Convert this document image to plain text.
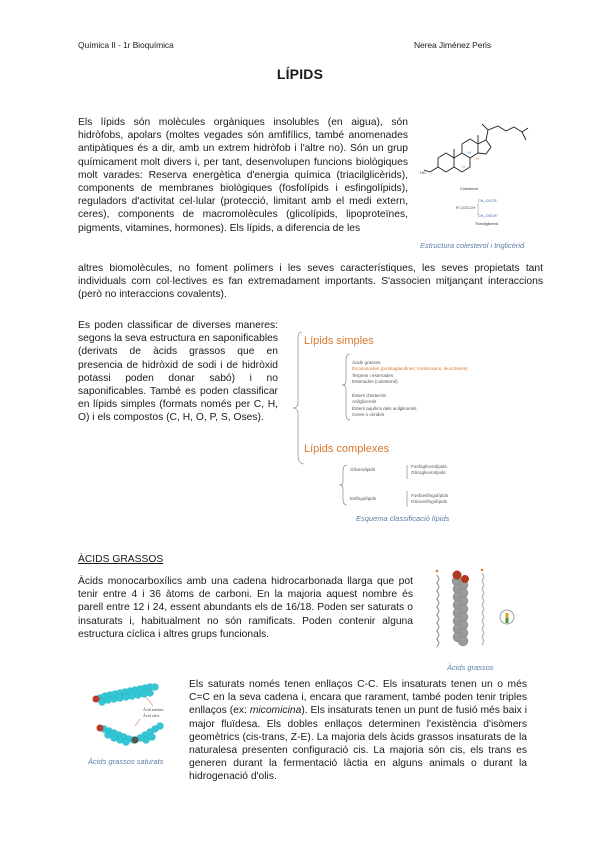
Química II - 1r Bioquímica	Nerea Jiménez Peris
LÍPIDS

Els lípids són molècules orgàniques insolubles (en aigua), són hidròfobs, apolars (moltes vegades són amfifílics, també anomenades antipàtiques és a dir, amb un extrem hidròfob i l'altre no). Són un grup químicament molt divers i, per tant, desenvolupen funcions biològiques molt varades: Reserva energètica d'energia química (triacilglicèrids), components de membranes biològiques (fosfolípids i esfingolípids), reguladors d'activitat cel·lular (protecció, limitant amb el medi extern, ceres), components de macromolècules (glicolípids, lipoproteïnes, pigments, vitamines, hormones). Els lípids, a diferencia de les

altres biomolècules, no foment polímers i les seves característiques, les seves propietats tant individuals com col·lectives es fan extremadament importants. S'associen mitjançant interaccions (però no interaccions covalents).

HO
H
H
H
Colesterol
CH₂-OOCR
R'-COO-CH
CH₂-OOCR''
Triacilglicerol
Estructura colesterol i triglicèrid

Es poden classificar de diverses maneres: segons la seva estructura en saponificables (derivats de àcids grassos que en presencia de hidròxid de sodi i de hidròxid potassi poden donar sabó) i no saponificables. També es poden classificar en lípids simples (formats només per C, H, O) i els compostos (C, H, O, P, S, Oses).

Lípids simples
Àcids grassos
Eicosanoides (prostaglandines, tromboxans, leucotriens)
Terpens i esteroides
Esteroides (colesterol)
Èsters d'esterols
Acilglicerols
Èsters aquílics dels acilglicerols
Ceres o cèrides
Lípids complexes
Glicerolípids
Esfingolípids
Fosfoglicerolípids
Glicoglicerolípids
Fosfoesfingolípids
Glicoesfingolípids
Esquema classificació lípids
ÀCIDS GRASSOS

Àcids monocarboxílics amb una cadena hidrocarbonada llarga que pot tenir entre 4 i 36 àtoms de carboni. En la majoria aquest nombre és parell entre 12 i 24, essent abundants els de 16/18. Poden ser saturats o insaturats i, habitualment no són ramificats. Poden contenir alguna estructura cíclica i altres grups funcionals.

Àcids grassos
Àcid esteàric
Àcid oleic
Àcids grassos saturats

Els saturats només tenen enllaços C-C. Els insaturats tenen un o més C=C en la seva cadena i, encara que rarament, també poden tenir triples enllaços (ex: micomicina). Els insaturats tenen un punt de fusió més baix i major fluïdesa. Els dobles enllaços determinen l'existència d'isòmers geomètrics (cis-trans, Z-E). La majoria dels àcids grassos insaturats de la naturalesa presenten configuració cis. La majoria són cis, els trans es generen durant la fermentació làctia en alguns animals o durant la hidrogenació d'olis.
